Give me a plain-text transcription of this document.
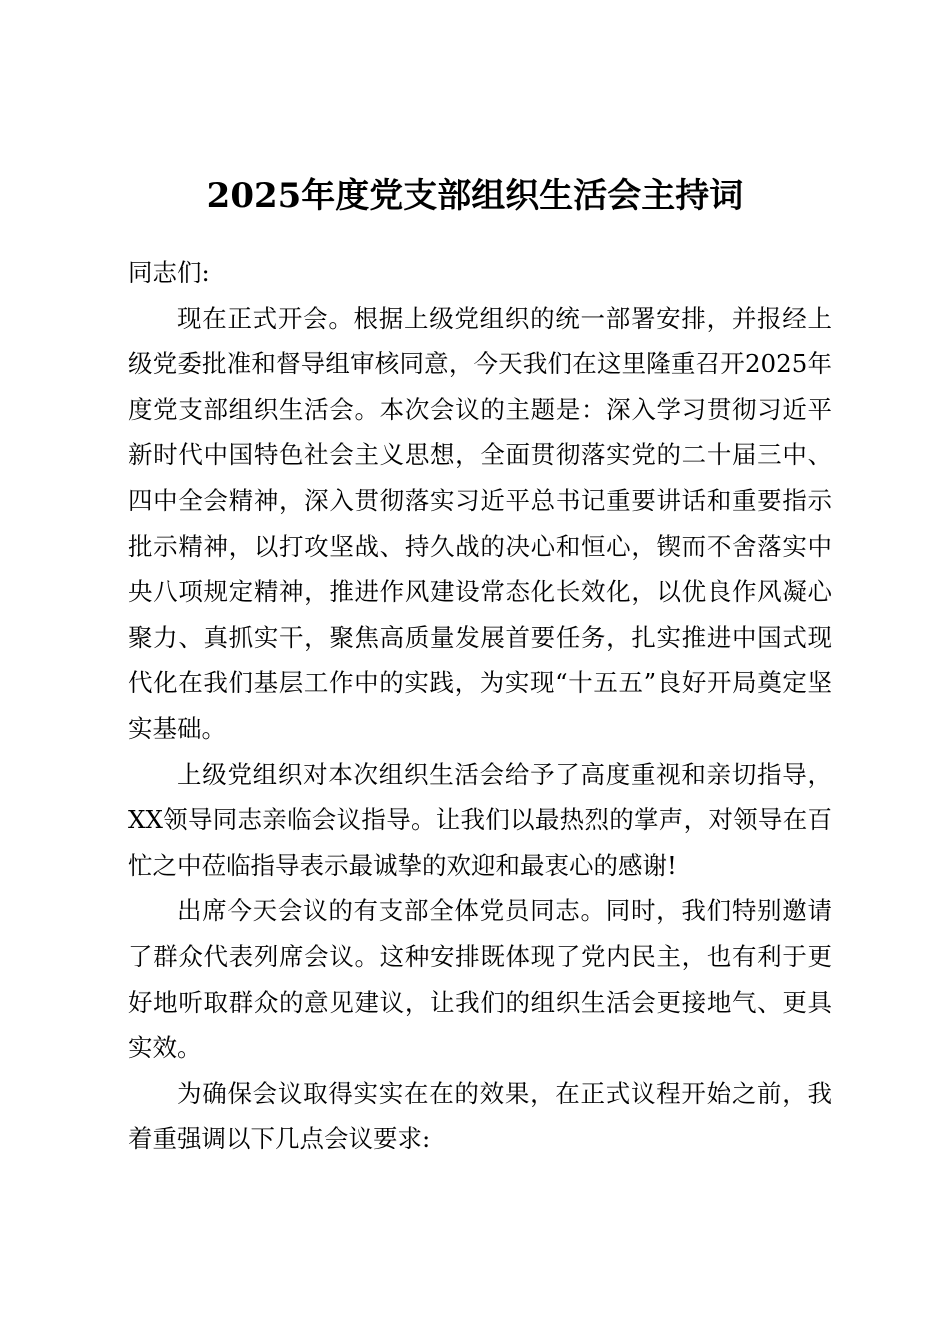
2025年度党支部组织生活会主持词

同志们:

现在正式开会。根据上级党组织的统一部署安排，并报经上级党委批准和督导组审核同意，今天我们在这里隆重召开2025年度党支部组织生活会。本次会议的主题是：深入学习贯彻习近平新时代中国特色社会主义思想，全面贯彻落实党的二十届三中、四中全会精神，深入贯彻落实习近平总书记重要讲话和重要指示批示精神，以打攻坚战、持久战的决心和恒心，锲而不舍落实中央八项规定精神，推进作风建设常态化长效化，以优良作风凝心聚力、真抓实干，聚焦高质量发展首要任务，扎实推进中国式现代化在我们基层工作中的实践，为实现“十五五”良好开局奠定坚实基础。

上级党组织对本次组织生活会给予了高度重视和亲切指导，XX领导同志亲临会议指导。让我们以最热烈的掌声，对领导在百忙之中莅临指导表示最诚挚的欢迎和最衷心的感谢!

出席今天会议的有支部全体党员同志。同时，我们特别邀请了群众代表列席会议。这种安排既体现了党内民主，也有利于更好地听取群众的意见建议，让我们的组织生活会更接地气、更具实效。

为确保会议取得实实在在的效果，在正式议程开始之前，我着重强调以下几点会议要求:
